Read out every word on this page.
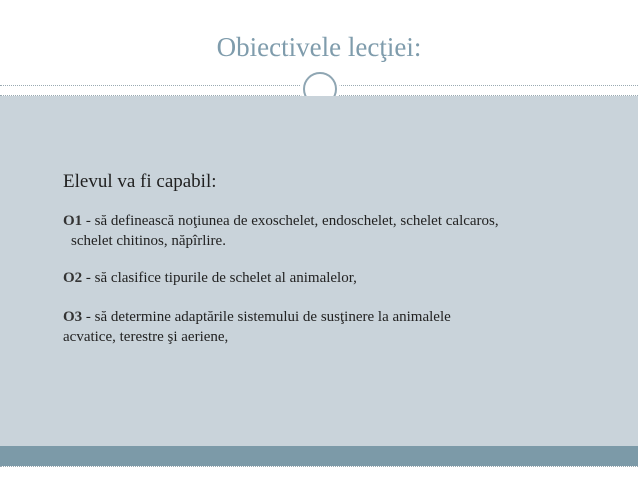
Obiectivele lecţiei:
Elevul va fi capabil:
O1 - să definească noţiunea de exoschelet, endoschelet, schelet calcaros,
schelet chitinos, năpîrlire.
O2 - să clasifice tipurile de schelet al animalelor,
O3 - să determine adaptările sistemului de susţinere la animalele
acvatice, terestre şi aeriene,
